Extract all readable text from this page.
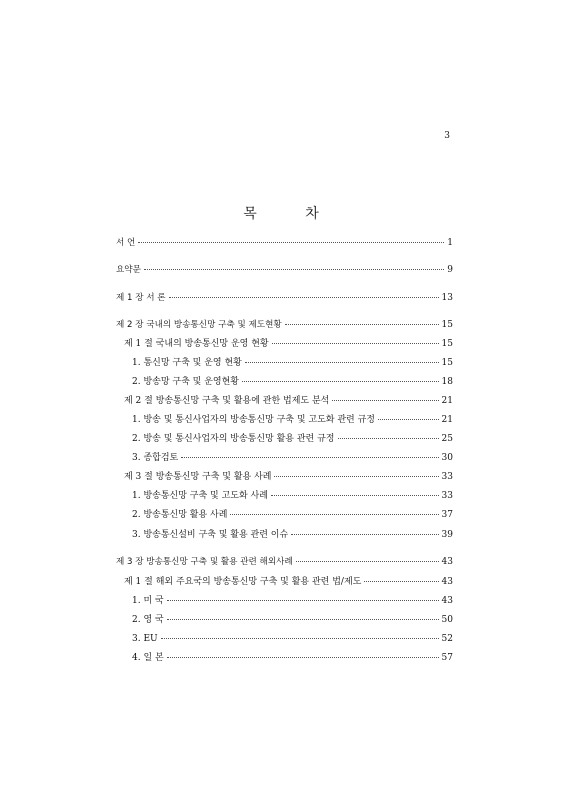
3
목 차
서 언	1
요약문	9
제 1 장 서 론	13
제 2 장 국내의 방송통신망 구축 및 제도현황	15
제 1 절 국내의 방송통신망 운영 현황	15
1. 통신망 구축 및 운영 현황	15
2. 방송망 구축 및 운영현황	18
제 2 절 방송통신망 구축 및 활용에 관한 법제도 분석	21
1. 방송 및 통신사업자의 방송통신망 구축 및 고도화 관련 규정	21
2. 방송 및 통신사업자의 방송통신망 활용 관련 규정	25
3. 종합검토	30
제 3 절 방송통신망 구축 및 활용 사례	33
1. 방송통신망 구축 및 고도화 사례	33
2. 방송통신망 활용 사례	37
3. 방송통신설비 구축 및 활용 관련 이슈	39
제 3 장 방송통신망 구축 및 활용 관련 해외사례	43
제 1 절 해외 주요국의 방송통신망 구축 및 활용 관련 법/제도	43
1. 미 국	43
2. 영 국	50
3. EU	52
4. 일 본	57
